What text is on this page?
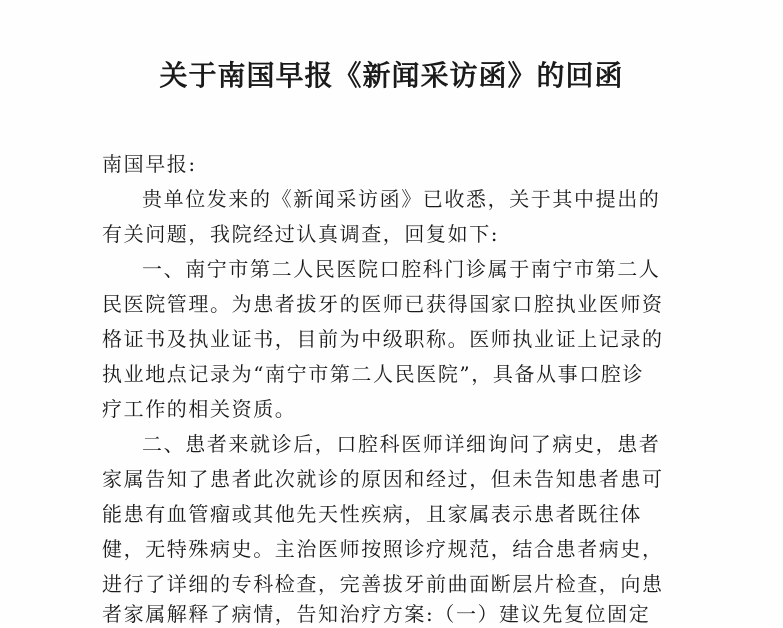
关于南国早报《新闻采访函》的回函
南国早报:
贵单位发来的《新闻采访函》已收悉，关于其中提出的
有关问题，我院经过认真调查，回复如下:
一、南宁市第二人民医院口腔科门诊属于南宁市第二人
民医院管理。为患者拔牙的医师已获得国家口腔执业医师资
格证书及执业证书，目前为中级职称。医师执业证上记录的
执业地点记录为“南宁市第二人民医院”，具备从事口腔诊
疗工作的相关资质。
二、患者来就诊后，口腔科医师详细询问了病史，患者
家属告知了患者此次就诊的原因和经过，但未告知患者患可
能患有血管瘤或其他先天性疾病，且家属表示患者既往体
健，无特殊病史。主治医师按照诊疗规范，结合患者病史，
进行了详细的专科检查，完善拔牙前曲面断层片检查，向患
者家属解释了病情，告知治疗方案:（一）建议先复位固定
